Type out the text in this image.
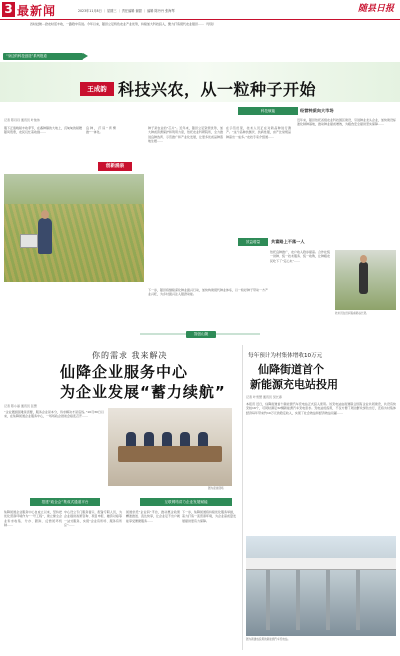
3 最新闻	2023年11月8日 ｜ 星期三 ｜ 责任编辑 谢甜 ｜ 编辑 陈丹丹 张海琴	随县日报
四时赶秧…抢农时话丰收，一路稳中有进。今年以来，随县立足特色农业产业优势，持续加大科技投入，聚力打造现代农业强县……（导读）
“身边的科技创造”系列报道
王成韵 科技兴农，从一粒种子开始
记者 陈丹丹 通讯员 叶俊伟
服下正值晚稻丰收季节，在番种镇的大地上，沉甸甸的稻穗随风低垂，农民们忙着收割……
良种，打造“育繁推”一体化。
创新涌泉
种子是农业的“芯片”。近年来，随县立足资源优势，加大种质资源保护和利用力度，依托农业科研院所，全力推进良种选育、示范推广和产业化发展，让更多优质品种落地生根……
在示范田里，技术人员正在对新品种进行测产。“这个品种抗倒伏、抗病性强，亩产比常规品种高出一成多。”农技专家介绍道……
科技赋能	经营种质向大市场
近年来，随县依托省级农业科技园区建设，引进种业龙头企业，加快建设标准化制种基地，推动种业提质增效，为粮食安全提供坚实保障……
效益增量	共富路上不落一人
依托良种推广，农户收入稳步提高。合作社统一供种、统一技术服务、统一收购，让种粮农民吃下了“定心丸”……
技术员在田间查看稻谷长势。
下一步，随县将继续深化种业振兴行动，加快构建现代种业体系，以一粒好种子带动一方产业兴旺，为乡村振兴注入强劲动能。
智创山随
你的需求 我来解决
仙降企业服务中心
为企业发展“蓄力续航”
记者 陈小丽 通讯员 张慧
“企业遇到困难是需要，服务企业是本分，诉求解决才是底线。”10月30日以来，在仙降街道企业服务中心，一场场政企恳谈会接连召开……
图为座谈现场
搭建“政企会”集成式通道平台
仙降街道企业服务中心自成立以来，坚持把优化营商环境作为“一号工程”，建立健全企业诉求收集、分办、跟踪、反馈闭环机制……
中心设立专门服务窗口，配备专职人员，为企业提供政策咨询、项目申报、融资对接等一站式服务，实现“企业有所呼、服务有所应”……
互联网络讲力企业发展赋能
街道依托“企业码”平台，推动惠企政策精准推送、直达快享，让企业足不出户就能享受便捷服务……
下一步，仙降街道将持续优化服务举措，着力打造一流营商环境，为企业高质量发展提供更有力保障。
每年预计为村集体增收10万元
仙降街道首个
新能源充电站投用
记者 叶雪慧 通讯员 吴长春
本报讯 近日，仙降街道首个新能源汽车充电站正式投入使用。该充电站由街道联合国有企业共同建设，共设有快充桩16个，可同时满足32辆新能源汽车充电需求。充电站的投用，不仅方便了周边群众绿色出行，还将为村集体经济每年带来约10万元的稳定收入，实现了社会效益和经济效益双赢……
图为新建成投用的新能源汽车充电站。
